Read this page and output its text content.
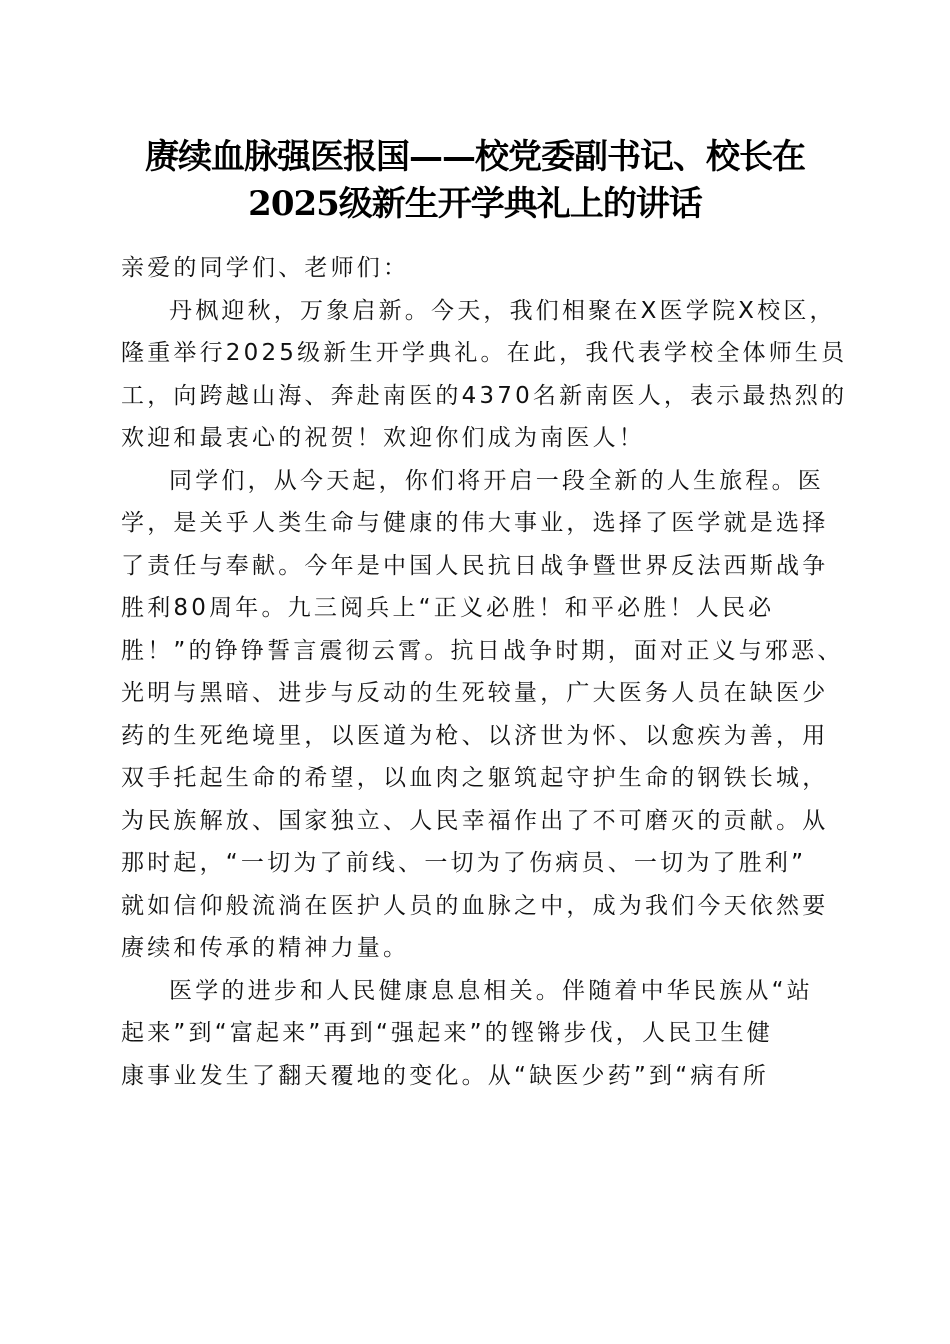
赓续血脉强医报国——校党委副书记、校长在
2025级新生开学典礼上的讲话
亲爱的同学们、老师们：
丹枫迎秋，万象启新。今天，我们相聚在X医学院X校区，
隆重举行2025级新生开学典礼。在此，我代表学校全体师生员
工，向跨越山海、奔赴南医的4370名新南医人，表示最热烈的
欢迎和最衷心的祝贺！欢迎你们成为南医人！
同学们，从今天起，你们将开启一段全新的人生旅程。医
学，是关乎人类生命与健康的伟大事业，选择了医学就是选择
了责任与奉献。今年是中国人民抗日战争暨世界反法西斯战争
胜利80周年。九三阅兵上“正义必胜！和平必胜！人民必
胜！”的铮铮誓言震彻云霄。抗日战争时期，面对正义与邪恶、
光明与黑暗、进步与反动的生死较量，广大医务人员在缺医少
药的生死绝境里，以医道为枪、以济世为怀、以愈疾为善，用
双手托起生命的希望，以血肉之躯筑起守护生命的钢铁长城，
为民族解放、国家独立、人民幸福作出了不可磨灭的贡献。从
那时起，“一切为了前线、一切为了伤病员、一切为了胜利”
就如信仰般流淌在医护人员的血脉之中，成为我们今天依然要
赓续和传承的精神力量。
医学的进步和人民健康息息相关。伴随着中华民族从“站
起来”到“富起来”再到“强起来”的铿锵步伐，人民卫生健
康事业发生了翻天覆地的变化。从“缺医少药”到“病有所
